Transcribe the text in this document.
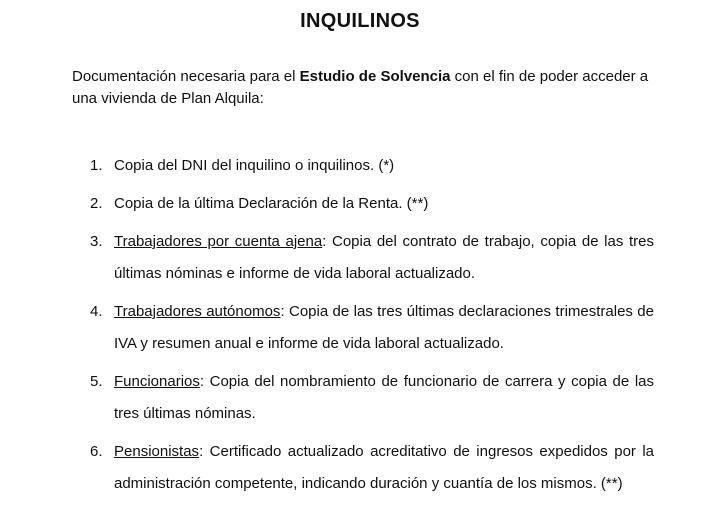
INQUILINOS
Documentación necesaria para el Estudio de Solvencia con el fin de poder acceder a una vivienda de Plan Alquila:
1. Copia del DNI del inquilino o inquilinos. (*)
2. Copia de la última Declaración de la Renta. (**)
3. Trabajadores por cuenta ajena: Copia del contrato de trabajo, copia de las tres últimas nóminas e informe de vida laboral actualizado.
4. Trabajadores autónomos: Copia de las tres últimas declaraciones trimestrales de IVA y resumen anual e informe de vida laboral actualizado.
5. Funcionarios: Copia del nombramiento de funcionario de carrera y copia de las tres últimas nóminas.
6. Pensionistas: Certificado actualizado acreditativo de ingresos expedidos por la administración competente, indicando duración y cuantía de los mismos. (**)
